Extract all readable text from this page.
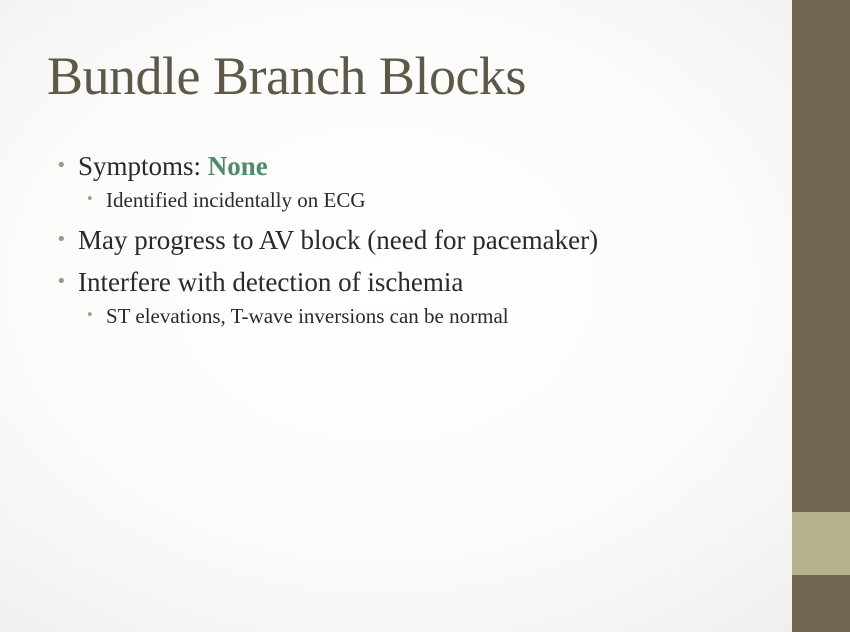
Bundle Branch Blocks
• Symptoms: None
• Identified incidentally on ECG
• May progress to AV block (need for pacemaker)
• Interfere with detection of ischemia
• ST elevations, T-wave inversions can be normal
